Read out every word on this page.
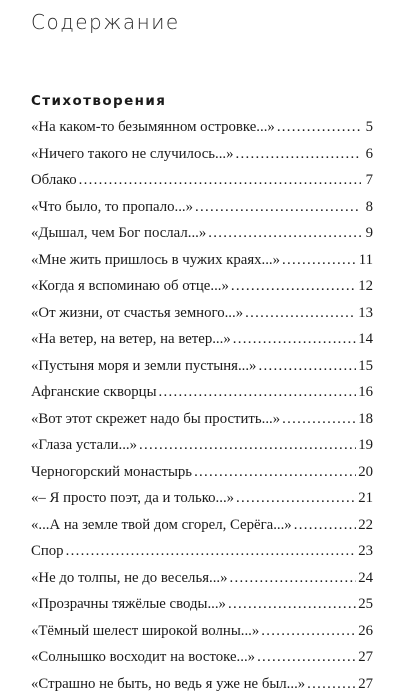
Содержание
Стихотворения
«На каком-то безымянном островке...» . . .	5
«Ничего такого не случилось...» . . .	6
Облако . . .	7
«Что было, то пропало...» . . .	8
«Дышал, чем Бог послал...» . . .	9
«Мне жить пришлось в чужих краях...» . . .	11
«Когда я вспоминаю об отце...» . . .	12
«От жизни, от счастья земного...» . . .	13
«На ветер, на ветер, на ветер...» . . .	14
«Пустыня моря и земли пустыня...» . . .	15
Афганские скворцы . . .	16
«Вот этот скрежет надо бы простить...» . . .	18
«Глаза устали...» . . .	19
Черногорский монастырь . . .	20
«– Я просто поэт, да и только...» . . .	21
«...А на земле твой дом сгорел, Серёга...» . . .	22
Спор . . .	23
«Не до толпы, не до веселья...» . . .	24
«Прозрачны тяжёлые своды...» . . .	25
«Тёмный шелест широкой волны...» . . .	26
«Солнышко восходит на востоке...» . . .	27
«Страшно не быть, но ведь я уже не был...» . . .	27
